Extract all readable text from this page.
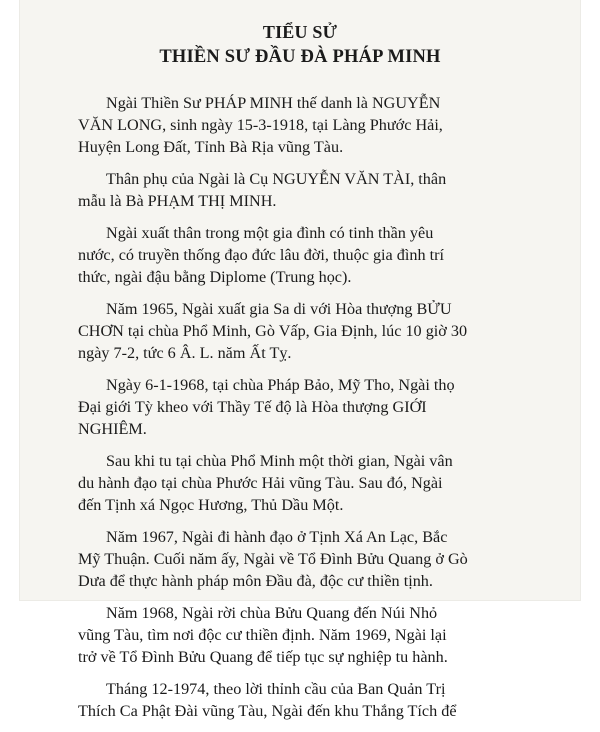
TIỂU SỬ
THIỀN SƯ ĐẦU ĐÀ PHÁP MINH
Ngài Thiền Sư PHÁP MINH thế danh là NGUYỄN
VĂN LONG, sinh ngày 15-3-1918, tại Làng Phước Hải,
Huyện Long Đất, Tỉnh Bà Rịa vũng Tàu.
Thân phụ của Ngài là Cụ NGUYỄN VĂN TÀI, thân
mẫu là Bà PHẠM THỊ MINH.
Ngài xuất thân trong một gia đình có tinh thần yêu
nước, có truyền thống đạo đức lâu đời, thuộc gia đình trí
thức, ngài đậu bằng Diplome (Trung học).
Năm 1965, Ngài xuất gia Sa di với Hòa thượng BỬU
CHƠN tại chùa Phổ Minh, Gò Vấp, Gia Định, lúc 10 giờ 30
ngày 7-2, tức 6 Â. L. năm Ất Tỵ.
Ngày 6-1-1968, tại chùa Pháp Bảo, Mỹ Tho, Ngài thọ
Đại giới Tỳ kheo với Thầy Tế độ là Hòa thượng GIỚI
NGHIÊM.
Sau khi tu tại chùa Phổ Minh một thời gian, Ngài vân
du hành đạo tại chùa Phước Hải vũng Tàu. Sau đó, Ngài
đến Tịnh xá Ngọc Hương, Thủ Dầu Một.
Năm 1967, Ngài đi hành đạo ở Tịnh Xá An Lạc, Bắc
Mỹ Thuận. Cuối năm ấy, Ngài về Tổ Đình Bửu Quang ở Gò
Dưa để thực hành pháp môn Đầu đà, độc cư thiền tịnh.
Năm 1968, Ngài rời chùa Bửu Quang đến Núi Nhỏ
vũng Tàu, tìm nơi độc cư thiền định. Năm 1969, Ngài lại
trở về Tổ Đình Bửu Quang để tiếp tục sự nghiệp tu hành.
Tháng 12-1974, theo lời thỉnh cầu của Ban Quản Trị
Thích Ca Phật Đài vũng Tàu, Ngài đến khu Thắng Tích để
